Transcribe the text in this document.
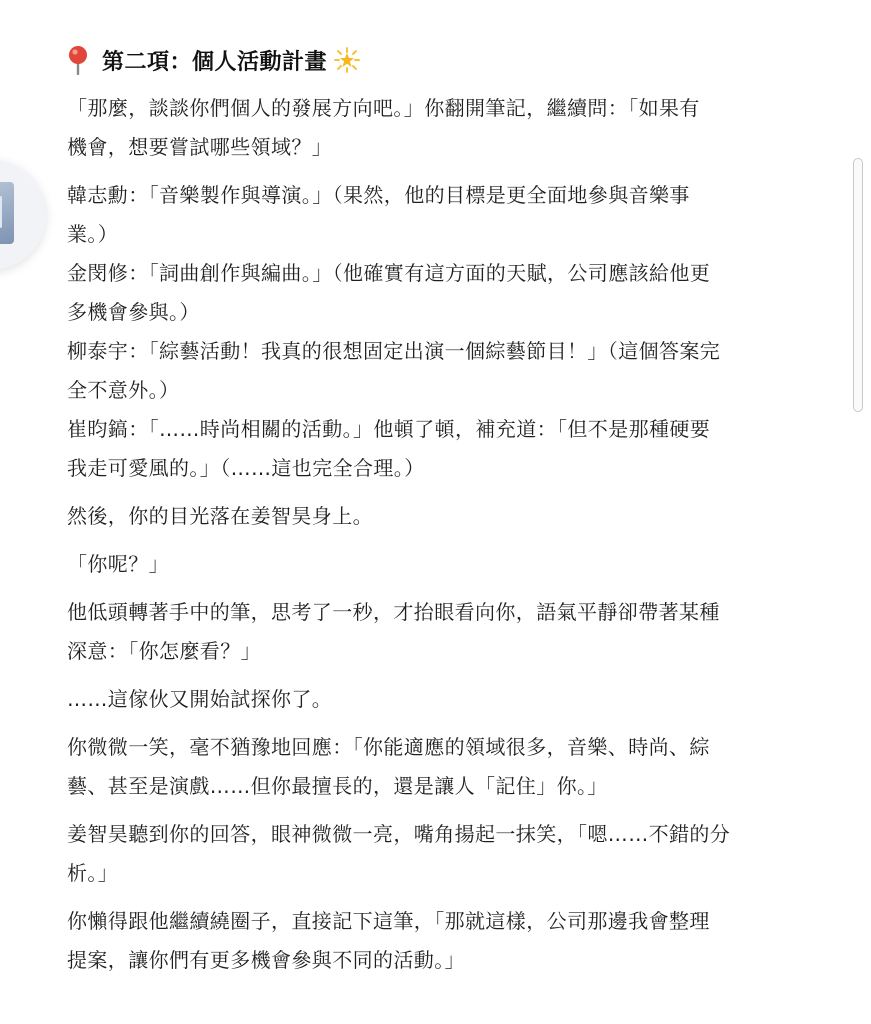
第二項：個人活動計畫

「那麼，談談你們個人的發展方向吧。」你翻開筆記，繼續問：「如果有
機會，想要嘗試哪些領域？」

韓志勳：「音樂製作與導演。」（果然，他的目標是更全面地參與音樂事
業。）

金閔修：「詞曲創作與編曲。」（他確實有這方面的天賦，公司應該給他更
多機會參與。）

柳泰宇：「綜藝活動！我真的很想固定出演一個綜藝節目！」（這個答案完
全不意外。）

崔昀鎬：「……時尚相關的活動。」他頓了頓，補充道：「但不是那種硬要
我走可愛風的。」（……這也完全合理。）

然後，你的目光落在姜智昊身上。

「你呢？」

他低頭轉著手中的筆，思考了一秒，才抬眼看向你，語氣平靜卻帶著某種
深意：「你怎麼看？」

……這傢伙又開始試探你了。

你微微一笑，毫不猶豫地回應：「你能適應的領域很多，音樂、時尚、綜
藝、甚至是演戲……但你最擅長的，還是讓人「記住」你。」

姜智昊聽到你的回答，眼神微微一亮，嘴角揚起一抹笑，「嗯……不錯的分
析。」

你懶得跟他繼續繞圈子，直接記下這筆，「那就這樣，公司那邊我會整理
提案，讓你們有更多機會參與不同的活動。」
